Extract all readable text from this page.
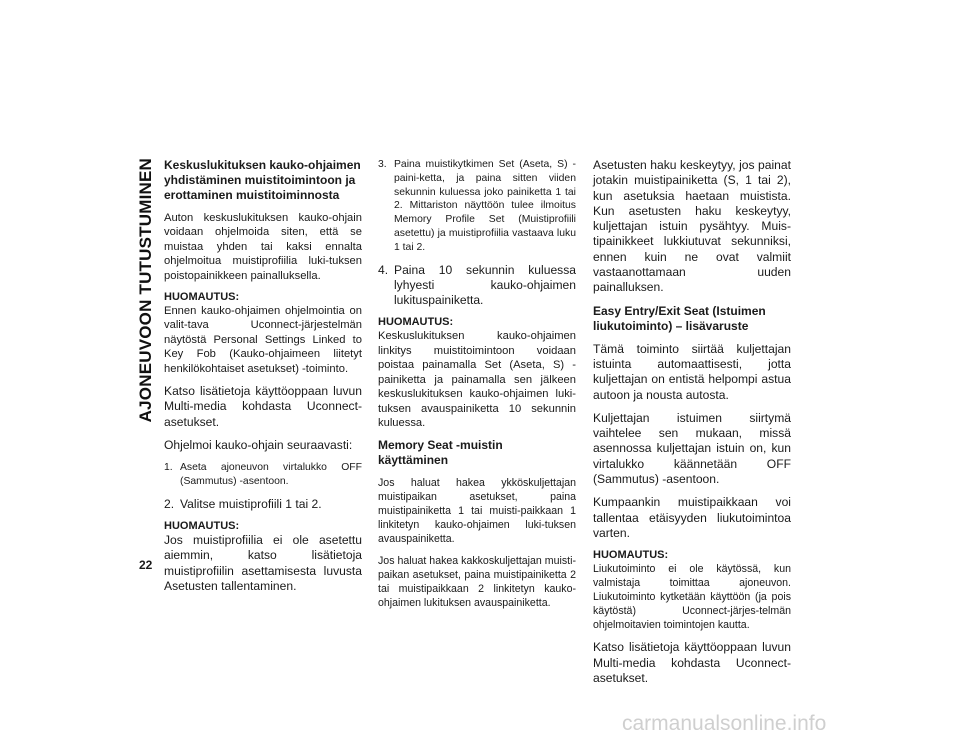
AJONEUVOON TUTUSTUMINEN
22
Keskuslukituksen kauko-ohjaimen yhdistäminen muistitoimintoon ja erottaminen muistitoiminnosta

Auton keskuslukituksen kauko-ohjain voidaan ohjelmoida siten, että se muistaa yhden tai kaksi ennalta ohjelmoitua muistiprofiilia luki-tuksen poistopainikkeen painalluksella.

HUOMAUTUS:

Ennen kauko-ohjaimen ohjelmointia on valit-tava Uconnect-järjestelmän näytöstä Personal Settings Linked to Key Fob (Kauko-ohjaimeen liitetyt henkilökohtaiset asetukset) -toiminto.

Katso lisätietoja käyttöoppaan luvun Multi-media kohdasta Uconnect-asetukset.

Ohjelmoi kauko-ohjain seuraavasti:

1. Aseta ajoneuvon virtalukko OFF (Sammutus) -asentoon.
2. Valitse muistiprofiili 1 tai 2.
HUOMAUTUS:

Jos muistiprofiilia ei ole asetettu aiemmin, katso lisätietoja muistiprofiilin asettamisesta luvusta Asetusten tallentaminen.

3. Paina muistikytkimen Set (Aseta, S) -paini-ketta, ja paina sitten viiden sekunnin kuluessa joko painiketta 1 tai 2. Mittariston näyttöön tulee ilmoitus Memory Profile Set (Muistiprofiili asetettu) ja muistiprofiilia vastaava luku 1 tai 2.
4. Paina 10 sekunnin kuluessa lyhyesti kauko-ohjaimen lukituspainiketta.
HUOMAUTUS:

Keskuslukituksen kauko-ohjaimen linkitys muistitoimintoon voidaan poistaa painamalla Set (Aseta, S) -painiketta ja painamalla sen jälkeen keskuslukituksen kauko-ohjaimen luki-tuksen avauspainiketta 10 sekunnin kuluessa.

Memory Seat -muistin käyttäminen

Jos haluat hakea ykköskuljettajan muistipaikan asetukset, paina muistipainiketta 1 tai muisti-paikkaan 1 linkitetyn kauko-ohjaimen luki-tuksen avauspainiketta.

Jos haluat hakea kakkoskuljettajan muisti-paikan asetukset, paina muistipainiketta 2 tai muistipaikkaan 2 linkitetyn kauko-ohjaimen lukituksen avauspainiketta.

Asetusten haku keskeytyy, jos painat jotakin muistipainiketta (S, 1 tai 2), kun asetuksia haetaan muistista. Kun asetusten haku keskeytyy, kuljettajan istuin pysähtyy. Muis-tipainikkeet lukkiutuvat sekunniksi, ennen kuin ne ovat valmiit vastaanottamaan uuden painalluksen.

Easy Entry/Exit Seat (Istuimen liukutoiminto) – lisävaruste

Tämä toiminto siirtää kuljettajan istuinta automaattisesti, jotta kuljettajan on entistä helpompi astua autoon ja nousta autosta.

Kuljettajan istuimen siirtymä vaihtelee sen mukaan, missä asennossa kuljettajan istuin on, kun virtalukko käännetään OFF (Sammutus) -asentoon.

Kumpaankin muistipaikkaan voi tallentaa etäisyyden liukutoimintoa varten.

HUOMAUTUS:

Liukutoiminto ei ole käytössä, kun valmistaja toimittaa ajoneuvon. Liukutoiminto kytketään käyttöön (ja pois käytöstä) Uconnect-järjes-telmän ohjelmoitavien toimintojen kautta.

Katso lisätietoja käyttöoppaan luvun Multi-media kohdasta Uconnect-asetukset.

carmanualsonline.info
